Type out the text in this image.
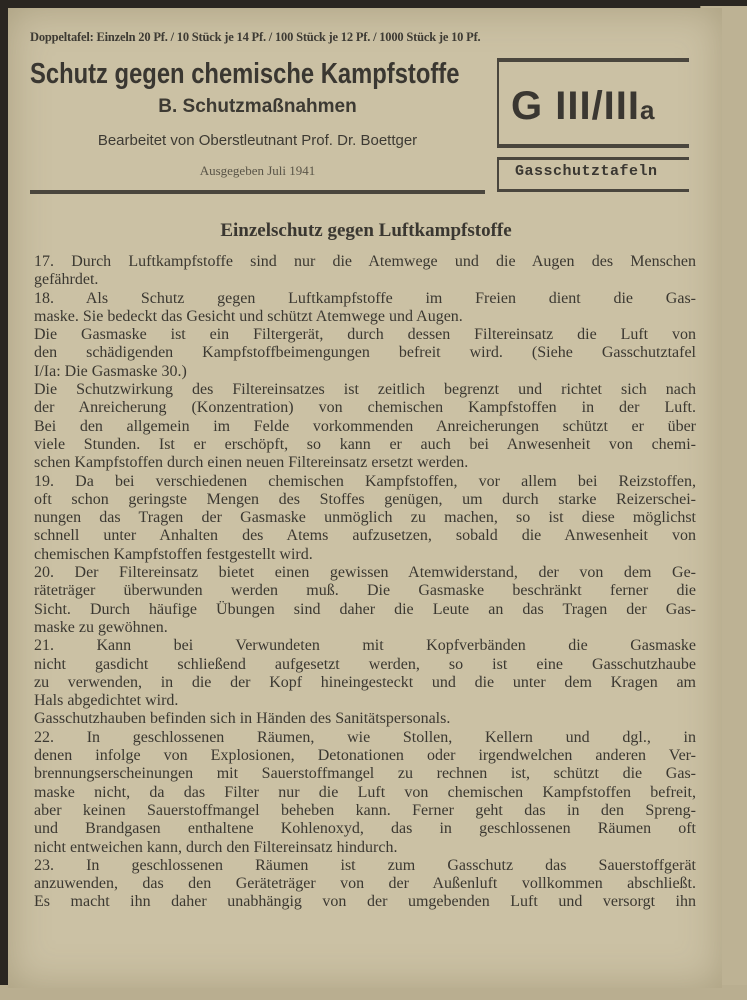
Doppeltafel: Einzeln 20 Pf. / 10 Stück je 14 Pf. / 100 Stück je 12 Pf. / 1000 Stück je 10 Pf.
Schutz gegen chemische Kampfstoffe
B. Schutzmaßnahmen
Bearbeitet von Oberstleutnant Prof. Dr. Boettger
Ausgegeben Juli 1941
G III/IIIa
Gasschutztafeln
Einzelschutz gegen Luftkampfstoffe
17. Durch Luftkampfstoffe sind nur die Atemwege und die Augen des Menschen
gefährdet.
18. Als Schutz gegen Luftkampfstoffe im Freien dient die Gas-
maske. Sie bedeckt das Gesicht und schützt Atemwege und Augen.
Die Gasmaske ist ein Filtergerät, durch dessen Filtereinsatz die Luft von
den schädigenden Kampfstoffbeimengungen befreit wird. (Siehe Gasschutztafel
I/Ia: Die Gasmaske 30.)
Die Schutzwirkung des Filtereinsatzes ist zeitlich begrenzt und richtet sich nach
der Anreicherung (Konzentration) von chemischen Kampfstoffen in der Luft.
Bei den allgemein im Felde vorkommenden Anreicherungen schützt er über
viele Stunden. Ist er erschöpft, so kann er auch bei Anwesenheit von chemi-
schen Kampfstoffen durch einen neuen Filtereinsatz ersetzt werden.
19. Da bei verschiedenen chemischen Kampfstoffen, vor allem bei Reizstoffen,
oft schon geringste Mengen des Stoffes genügen, um durch starke Reizerschei-
nungen das Tragen der Gasmaske unmöglich zu machen, so ist diese möglichst
schnell unter Anhalten des Atems aufzusetzen, sobald die Anwesenheit von
chemischen Kampfstoffen festgestellt wird.
20. Der Filtereinsatz bietet einen gewissen Atemwiderstand, der von dem Ge-
räteträger überwunden werden muß. Die Gasmaske beschränkt ferner die
Sicht. Durch häufige Übungen sind daher die Leute an das Tragen der Gas-
maske zu gewöhnen.
21. Kann bei Verwundeten mit Kopfverbänden die Gasmaske
nicht gasdicht schließend aufgesetzt werden, so ist eine Gasschutzhaube
zu verwenden, in die der Kopf hineingesteckt und die unter dem Kragen am
Hals abgedichtet wird.
Gasschutzhauben befinden sich in Händen des Sanitätspersonals.
22. In geschlossenen Räumen, wie Stollen, Kellern und dgl., in
denen infolge von Explosionen, Detonationen oder irgendwelchen anderen Ver-
brennungserscheinungen mit Sauerstoffmangel zu rechnen ist, schützt die Gas-
maske nicht, da das Filter nur die Luft von chemischen Kampfstoffen befreit,
aber keinen Sauerstoffmangel beheben kann. Ferner geht das in den Spreng-
und Brandgasen enthaltene Kohlenoxyd, das in geschlossenen Räumen oft
nicht entweichen kann, durch den Filtereinsatz hindurch.
23. In geschlossenen Räumen ist zum Gasschutz das Sauerstoffgerät
anzuwenden, das den Geräteträger von der Außenluft vollkommen abschließt.
Es macht ihn daher unabhängig von der umgebenden Luft und versorgt ihn
